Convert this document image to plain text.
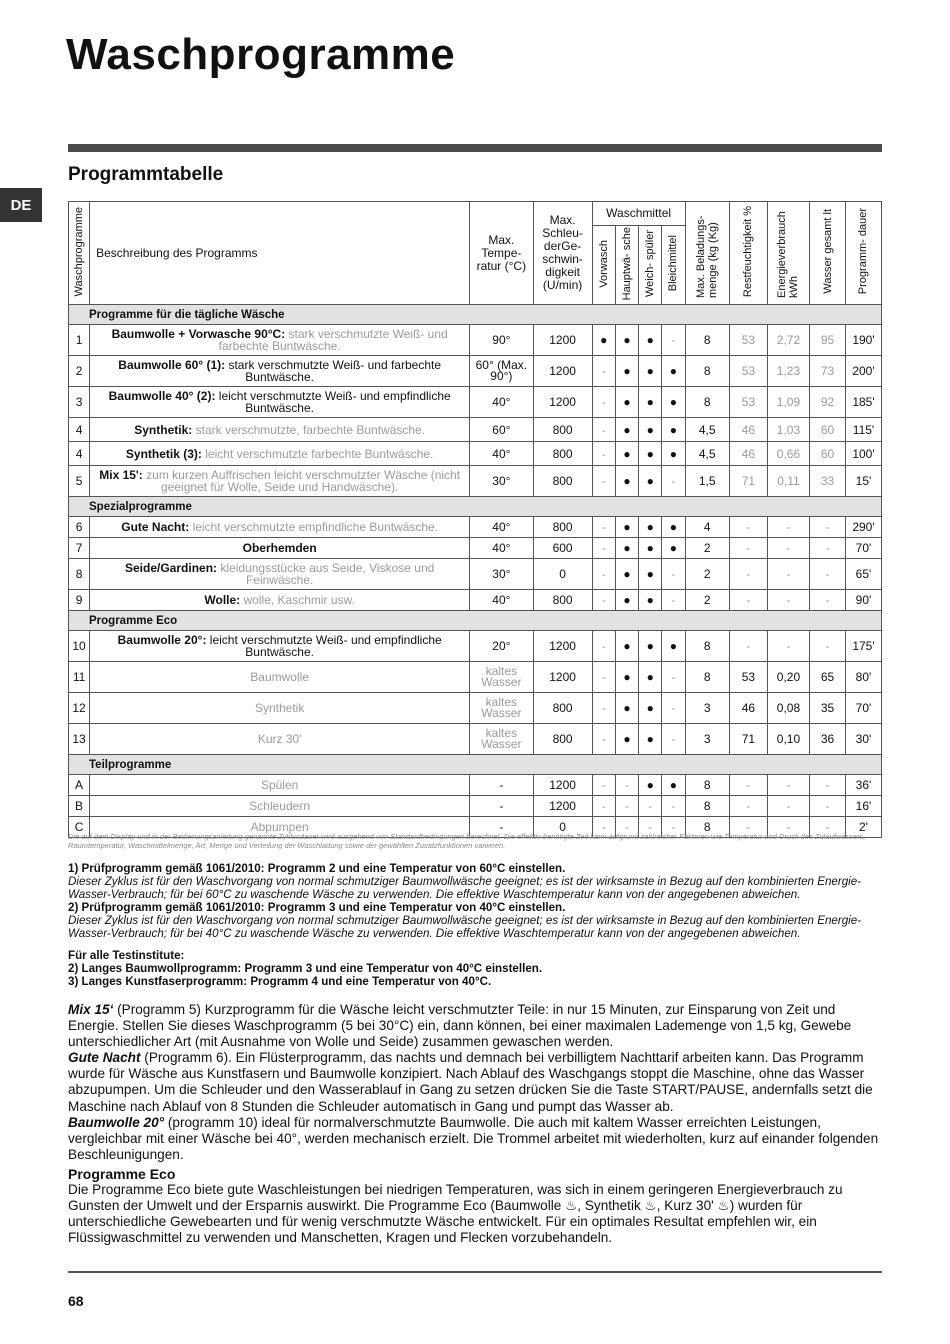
Waschprogramme
Programmtabelle
DE
Waschprogramme	Beschreibung des Programms	Max. Tempe- ratur (°C)	Max. Schleu- derGe- schwin- digkeit (U/min)	Waschmittel				Max. Beladungs- menge (kg (Kg)	Restfeuchtigkeit %	Energieverbrauch kWh	Wasser gesamt lt	Programm- dauer
				Vorwasch	Hauptwä- sche	Weich- spüler	Bleichmittel					
Programme für die tägliche Wäsche												
1	Baumwolle + Vorwasche 90°C: stark verschmutzte Weiß- und farbechte Buntwäsche.	90°	1200	●	●	●	-	8	53	2,72	95	190'
2	Baumwolle 60° (1): stark verschmutzte Weiß- und farbechte Buntwäsche.	60° (Max. 90°)	1200	-	●	●	●	8	53	1,23	73	200'
3	Baumwolle 40° (2): leicht verschmutzte Weiß- und empfindliche Buntwäsche.	40°	1200	-	●	●	●	8	53	1,09	92	185'
4	Synthetik: stark verschmutzte, farbechte Buntwäsche.	60°	800	-	●	●	●	4,5	46	1,03	60	115'
4	Synthetik (3): leicht verschmutzte farbechte Buntwäsche.	40°	800	-	●	●	●	4,5	46	0,66	60	100'
5	Mix 15': zum kurzen Auffrischen leicht verschmutzter Wäsche (nicht geeignet für Wolle, Seide und Handwäsche).	30°	800	-	●	●	-	1,5	71	0,11	33	15'
Spezialprogramme												
6	Gute Nacht: leicht verschmutzte empfindliche Buntwäsche.	40°	800	-	●	●	●	4	-	-	-	290'
7	Oberhemden	40°	600	-	●	●	●	2	-	-	-	70'
8	Seide/Gardinen: kleidungsstücke aus Seide, Viskose und Feinwäsche.	30°	0	-	●	●	-	2	-	-	-	65'
9	Wolle: wolle, Kaschmir usw.	40°	800	-	●	●	-	2	-	-	-	90'
Programme Eco												
10	Baumwolle 20°: leicht verschmutzte Weiß- und empfindliche Buntwäsche.	20°	1200	-	●	●	●	8	-	-	-	175'
11	Baumwolle	kaltes Wasser	1200	-	●	●	-	8	53	0,20	65	80'
12	Synthetik	kaltes Wasser	800	-	●	●	-	3	46	0,08	35	70'
13	Kurz 30'	kaltes Wasser	800	-	●	●	-	3	71	0,10	36	30'
Teilprogramme												
A	Spülen	-	1200	-	-	●	●	8	-	-	-	36'
B	Schleudern	-	1200	-	-	-	-	8	-	-	-	16'
C	Abpumpen	-	0	-	-	-	-	8	-	-	-	2'
Die auf dem Display und in der Bedienungsanleitung genannte Zyklusdauer wird ausgehend von Standardbedingungen berechnet. Die effektiv benötigte Zeit kann aufgrund zahlreicher Faktoren wie Temperatur und Druck des Zulaufwassers, Raumtemperatur, Waschmittelmenge, Art, Menge und Verteilung der Waschladung sowie der gewählten Zusatzfunktionen variieren.

1) Prüfprogramm gemäß 1061/2010: Programm 2 und eine Temperatur von 60°C einstellen.

Dieser Zyklus ist für den Waschvorgang von normal schmutziger Baumwollwäsche geeignet; es ist der wirksamste in Bezug auf den kombinierten Energie-Wasser-Verbrauch; für bei 60°C zu waschende Wäsche zu verwenden. Die effektive Waschtemperatur kann von der angegebenen abweichen.

2) Prüfprogramm gemäß 1061/2010: Programm 3 und eine Temperatur von 40°C einstellen.

Dieser Zyklus ist für den Waschvorgang von normal schmutziger Baumwollwäsche geeignet; es ist der wirksamste in Bezug auf den kombinierten Energie-Wasser-Verbrauch; für bei 40°C zu waschende Wäsche zu verwenden. Die effektive Waschtemperatur kann von der angegebenen abweichen.

Für alle Testinstitute:

2) Langes Baumwollprogramm: Programm 3 und eine Temperatur von 40°C einstellen.

3) Langes Kunstfaserprogramm: Programm 4 und eine Temperatur von 40°C.

Mix 15‘ (Programm 5) Kurzprogramm für die Wäsche leicht verschmutzter Teile: in nur 15 Minuten, zur Einsparung von Zeit und Energie. Stellen Sie dieses Waschprogramm (5 bei 30°C) ein, dann können, bei einer maximalen Lademenge von 1,5 kg, Gewebe unterschiedlicher Art (mit Ausnahme von Wolle und Seide) zusammen gewaschen werden.

Gute Nacht (Programm 6). Ein Flüsterprogramm, das nachts und demnach bei verbilligtem Nachttarif arbeiten kann. Das Programm wurde für Wäsche aus Kunstfasern und Baumwolle konzipiert. Nach Ablauf des Waschgangs stoppt die Maschine, ohne das Wasser abzupumpen. Um die Schleuder und den Wasserablauf in Gang zu setzen drücken Sie die Taste START/PAUSE, andernfalls setzt die Maschine nach Ablauf von 8 Stunden die Schleuder automatisch in Gang und pumpt das Wasser ab.

Baumwolle 20° (programm 10) ideal für normalverschmutzte Baumwolle. Die auch mit kaltem Wasser erreichten Leistungen, vergleichbar mit einer Wäsche bei 40°, werden mechanisch erzielt. Die Trommel arbeitet mit wiederholten, kurz auf einander folgenden Beschleunigungen.

Programme Eco

Die Programme Eco biete gute Waschleistungen bei niedrigen Temperaturen, was sich in einem geringeren Energieverbrauch zu Gunsten der Umwelt und der Ersparnis auswirkt. Die Programme Eco (Baumwolle ♨, Synthetik ♨, Kurz 30' ♨) wurden für unterschiedliche Gewebearten und für wenig verschmutzte Wäsche entwickelt. Für ein optimales Resultat empfehlen wir, ein Flüssigwaschmittel zu verwenden und Manschetten, Kragen und Flecken vorzubehandeln.

68
